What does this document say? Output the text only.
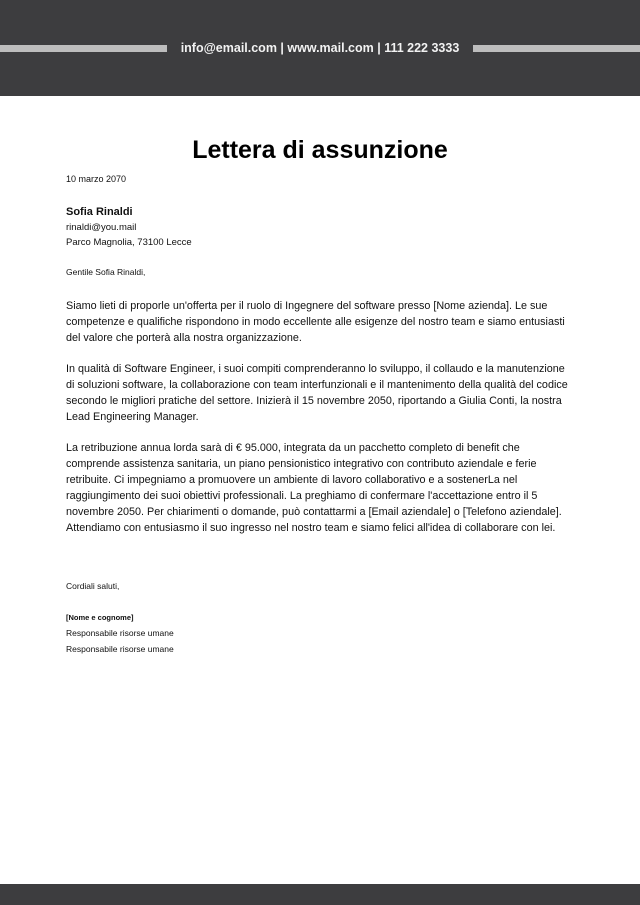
info@email.com | www.mail.com | 111 222 3333
Lettera di assunzione
10 marzo 2070
Sofia Rinaldi
rinaldi@you.mail
Parco Magnolia, 73100 Lecce
Gentile Sofia Rinaldi,

Siamo lieti di proporle un'offerta per il ruolo di Ingegnere del software presso [Nome azienda]. Le sue competenze e qualifiche rispondono in modo eccellente alle esigenze del nostro team e siamo entusiasti del valore che porterà alla nostra organizzazione.

In qualità di Software Engineer, i suoi compiti comprenderanno lo sviluppo, il collaudo e la manutenzione di soluzioni software, la collaborazione con team interfunzionali e il mantenimento della qualità del codice secondo le migliori pratiche del settore. Inizierà il 15 novembre 2050, riportando a Giulia Conti, la nostra Lead Engineering Manager.

La retribuzione annua lorda sarà di € 95.000, integrata da un pacchetto completo di benefit che comprende assistenza sanitaria, un piano pensionistico integrativo con contributo aziendale e ferie retribuite. Ci impegniamo a promuovere un ambiente di lavoro collaborativo e a sostenerLa nel raggiungimento dei suoi obiettivi professionali. La preghiamo di confermare l'accettazione entro il 5 novembre 2050. Per chiarimenti o domande, può contattarmi a [Email aziendale] o [Telefono aziendale].
Attendiamo con entusiasmo il suo ingresso nel nostro team e siamo felici all'idea di collaborare con lei.

Cordiali saluti,
[Nome e cognome]
Responsabile risorse umane
Responsabile risorse umane
